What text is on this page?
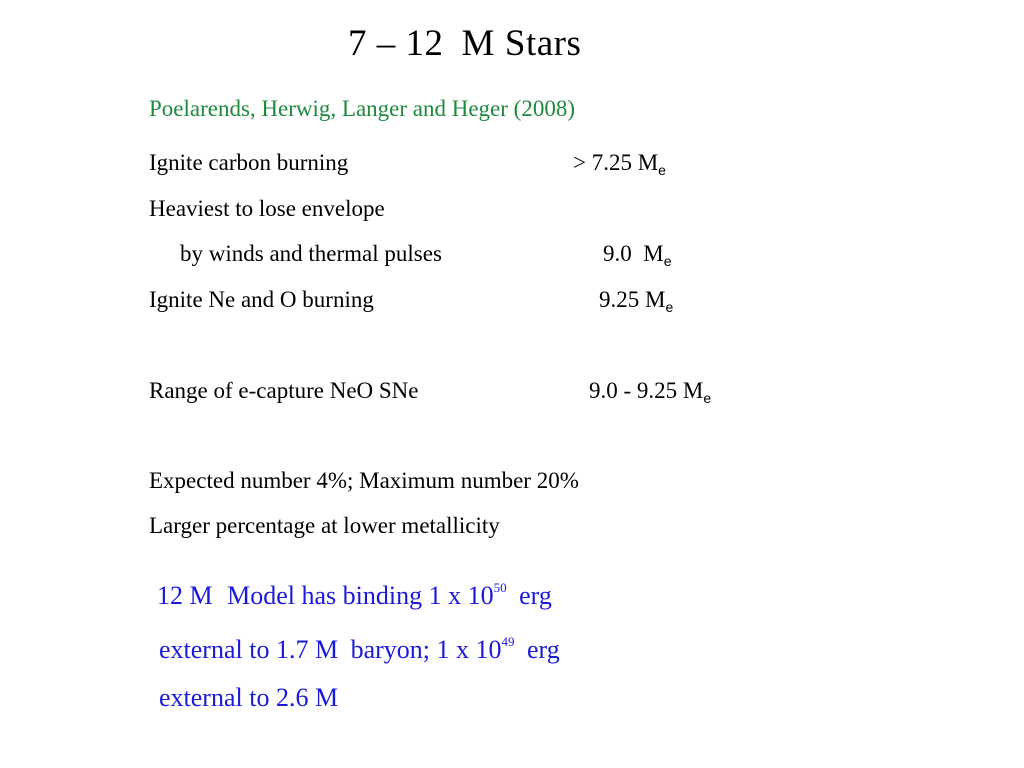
7 – 12 M Stars
Poelarends, Herwig, Langer and Heger (2008)
Ignite carbon burning	> 7.25 $M_e$
Heaviest to lose envelope
by winds and thermal pulses	9.0  $M_e$
Ignite Ne and O burning	9.25 $M_e$
Range of e-capture NeO SNe	9.0 - 9.25 $M_e$
Expected number 4%; Maximum number 20%
Larger percentage at lower metallicity
12 M Model has binding 1 x $10^{50}$ erg
external to 1.7 M baryon; 1 x $10^{49}$ erg
external to 2.6 M
